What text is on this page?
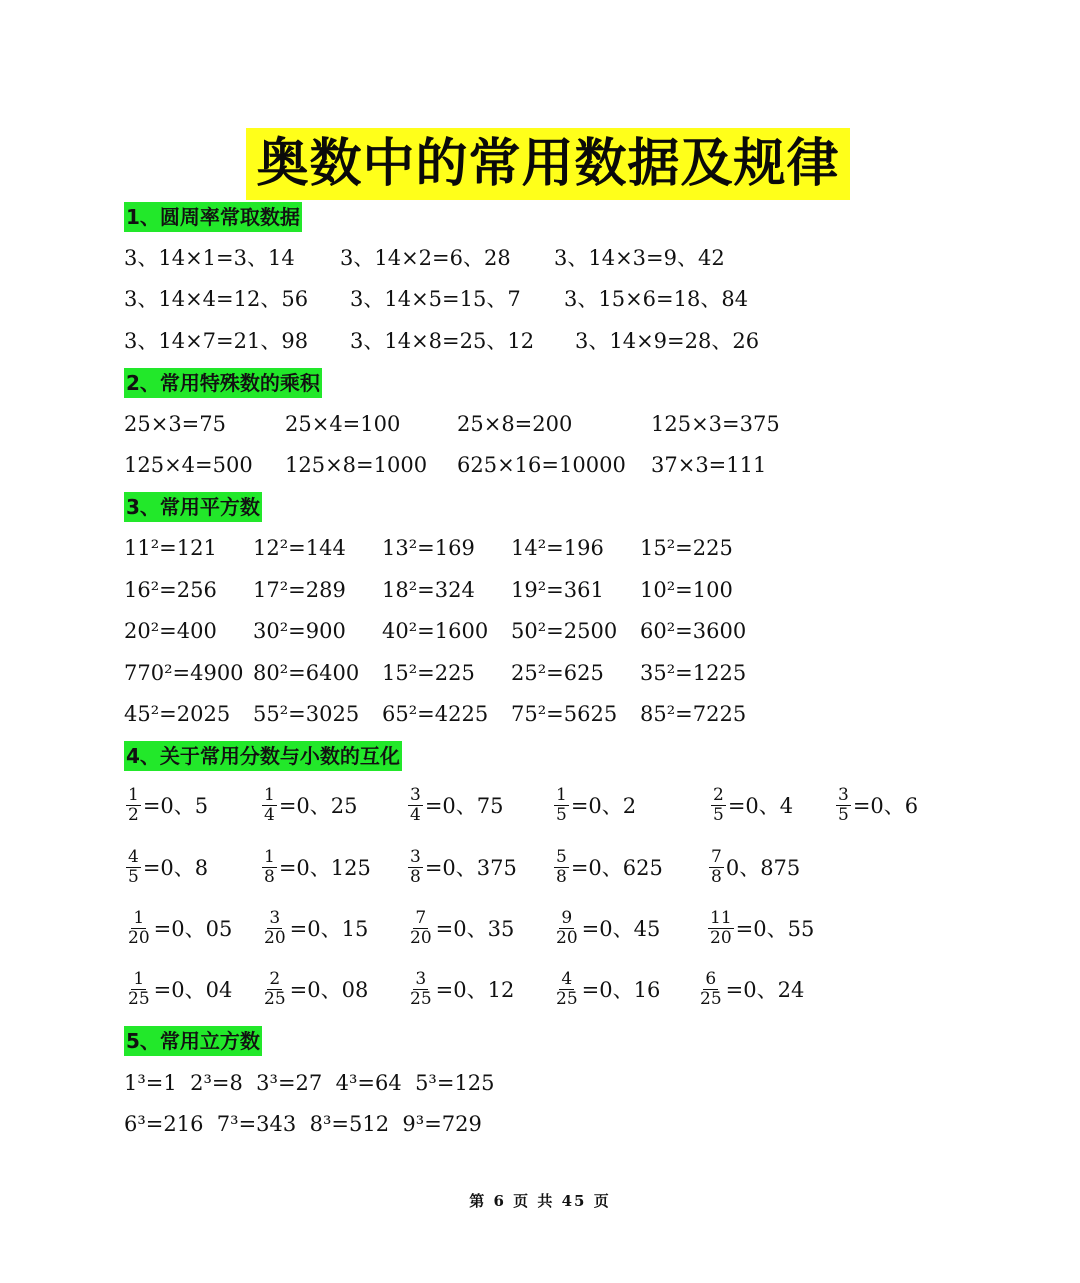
奥数中的常用数据及规律
1、圆周率常取数据
3、14×1=3、14 3、14×2=6、28 3、14×3=9、42
3、14×4=12、56 3、14×5=15、7 3、15×6=18、84
3、14×7=21、98 3、14×8=25、12 3、14×9=28、26
2、常用特殊数的乘积
25×3=75	25×4=100	25×8=200	125×3=375
125×4=500 125×8=1000 625×16=10000 37×3=111
3、常用平方数
11²=121 12²=144 13²=169 14²=196 15²=225
16²=256 17²=289 18²=324 19²=361 10²=100
20²=400 30²=900 40²=1600 50²=2500 60²=3600
770²=4900 80²=6400 15²=225 25²=625 35²=1225
45²=2025 55²=3025 65²=4225 75²=5625 85²=7225
4、关于常用分数与小数的互化
$\frac{1}{2} =0$、5	$\frac{1}{4} =0$、25	$\frac{3}{4} =0$、75	$\frac{1}{5} =0$、2	$\frac{2}{5} =0$、4	$\frac{3}{5} =0$、6
$\frac{4}{5} =0$、8	$\frac{1}{8} =0$、$125 \frac{3}{8} =0$、$375 \frac{5}{8} =0$、625	$\frac{7}{8} 0$、875
$\frac{1}{20} =0$、$05 \frac{3}{20} =0$、$15 \frac{7}{20} =0$、$35 \frac{9}{20} =0$、45	$\frac{11}{20} =0$、55
$\frac{1}{25} =0$、$04 \frac{2}{25} =0$、$08 \frac{3}{25} =0$、$12 \frac{4}{25} =0$、$16 \frac{6}{25} =0$、24
5、常用立方数
1³=1  2³=8  3³=27  4³=64  5³=125
6³=216  7³=343  8³=512  9³=729
第 6 页 共 45 页
